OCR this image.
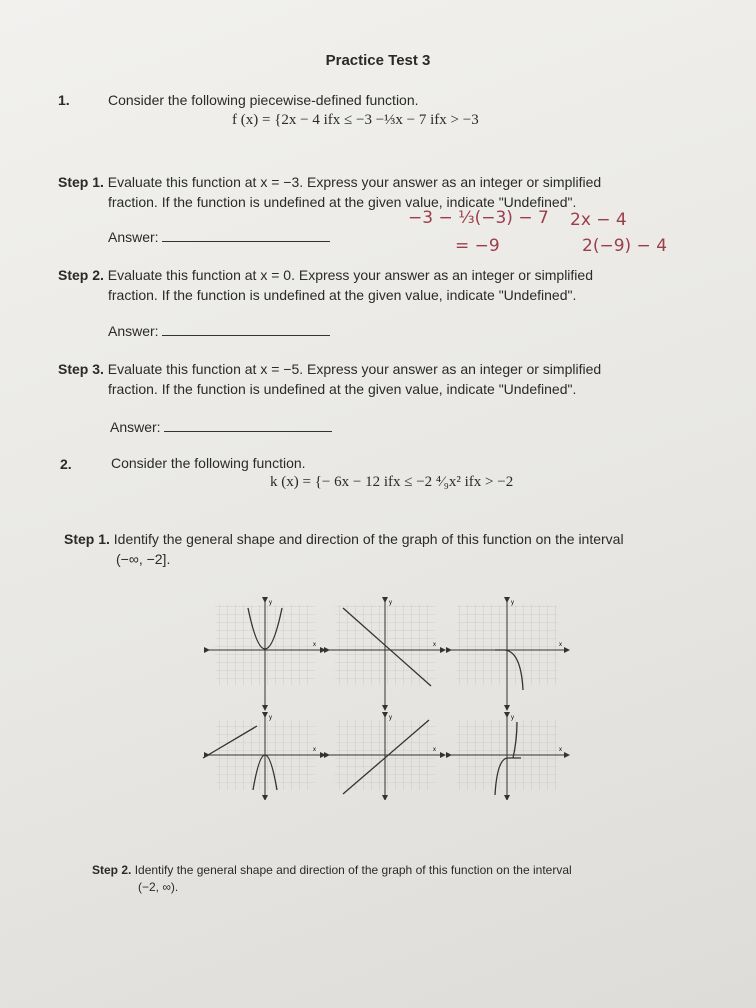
Practice Test 3
1.	Consider the following piecewise-defined function.
f (x) = {2x − 4 ifx ≤ −3 −⅓x − 7 ifx > −3
Step 1. Evaluate this function at x = −3. Express your answer as an integer or simplified
fraction. If the function is undefined at the given value, indicate "Undefined".
Answer:
−3 − ⅓(−3) − 7
= −9
2x − 4
2(−9) − 4
Step 2. Evaluate this function at x = 0. Express your answer as an integer or simplified
fraction. If the function is undefined at the given value, indicate "Undefined".
Answer:
Step 3. Evaluate this function at x = −5. Express your answer as an integer or simplified
fraction. If the function is undefined at the given value, indicate "Undefined".
Answer:
2.	Consider the following function.
k (x) = {− 6x − 12 ifx ≤ −2 ⁴⁄₉x² ifx > −2
Step 1. Identify the general shape and direction of the graph of this function on the interval
(−∞, −2].
y
x
y
x
y
x
y
x
y
x
y
x
Step 2. Identify the general shape and direction of the graph of this function on the interval
(−2, ∞).
